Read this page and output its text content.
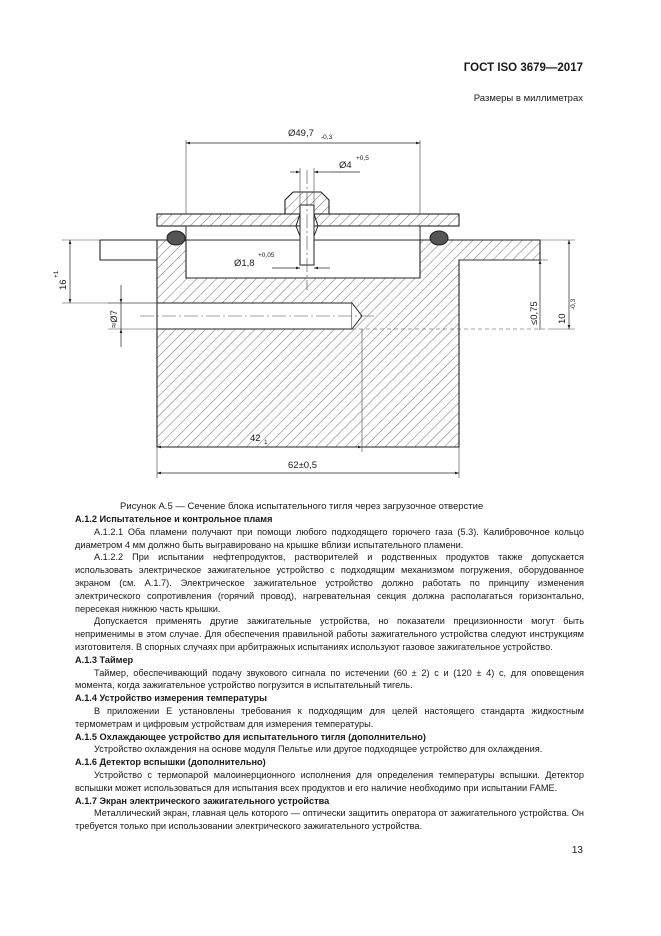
ГОСТ ISO 3679—2017
Размеры в миллиметрах
Ø49,7 -0,3
Ø4
+0,5
Ø1,8
+0,05
16
+1
≈Ø7	≤0,75 10
-0,3
42 1
62±0,5
Рисунок А.5 — Сечение блока испытательного тигля через загрузочное отверстие

А.1.2 Испытательное и контрольное пламя

А.1.2.1 Оба пламени получают при помощи любого подходящего горючего газа (5.3). Калибровочное кольцо диаметром 4 мм должно быть выгравировано на крышке вблизи испытательного пламени.

А.1.2.2 При испытании нефтепродуктов, растворителей и родственных продуктов также допускается использовать электрическое зажигательное устройство с подходящим механизмом погружения, оборудованное экраном (см. А.1.7). Электрическое зажигательное устройство должно работать по принципу изменения электрического сопротивления (горячий провод), нагревательная секция должна располагаться горизонтально, пересекая нижнюю часть крышки.

Допускается применять другие зажигательные устройства, но показатели прецизионности могут быть неприменимы в этом случае. Для обеспечения правильной работы зажигательного устройства следуют инструкциям изготовителя. В спорных случаях при арбитражных испытаниях используют газовое зажигательное устройство.

А.1.3 Таймер

Таймер, обеспечивающий подачу звукового сигнала по истечении (60 ± 2) с и (120 ± 4) с, для оповещения момента, когда зажигательное устройство погрузится в испытательный тигель.

А.1.4 Устройство измерения температуры

В приложении Е установлены требования к подходящим для целей настоящего стандарта жидкостным термометрам и цифровым устройствам для измерения температуры.

А.1.5 Охлаждающее устройство для испытательного тигля (дополнительно)

Устройство охлаждения на основе модуля Пельтье или другое подходящее устройство для охлаждения.

А.1.6 Детектор вспышки (дополнительно)

Устройство с термопарой малоинерционного исполнения для определения температуры вспышки. Детектор вспышки может использоваться для испытания всех продуктов и его наличие необходимо при испытании FAME.

А.1.7 Экран электрического зажигательного устройства

Металлический экран, главная цель которого — оптически защитить оператора от зажигательного устройства. Он требуется только при использовании электрического зажигательного устройства.

13
